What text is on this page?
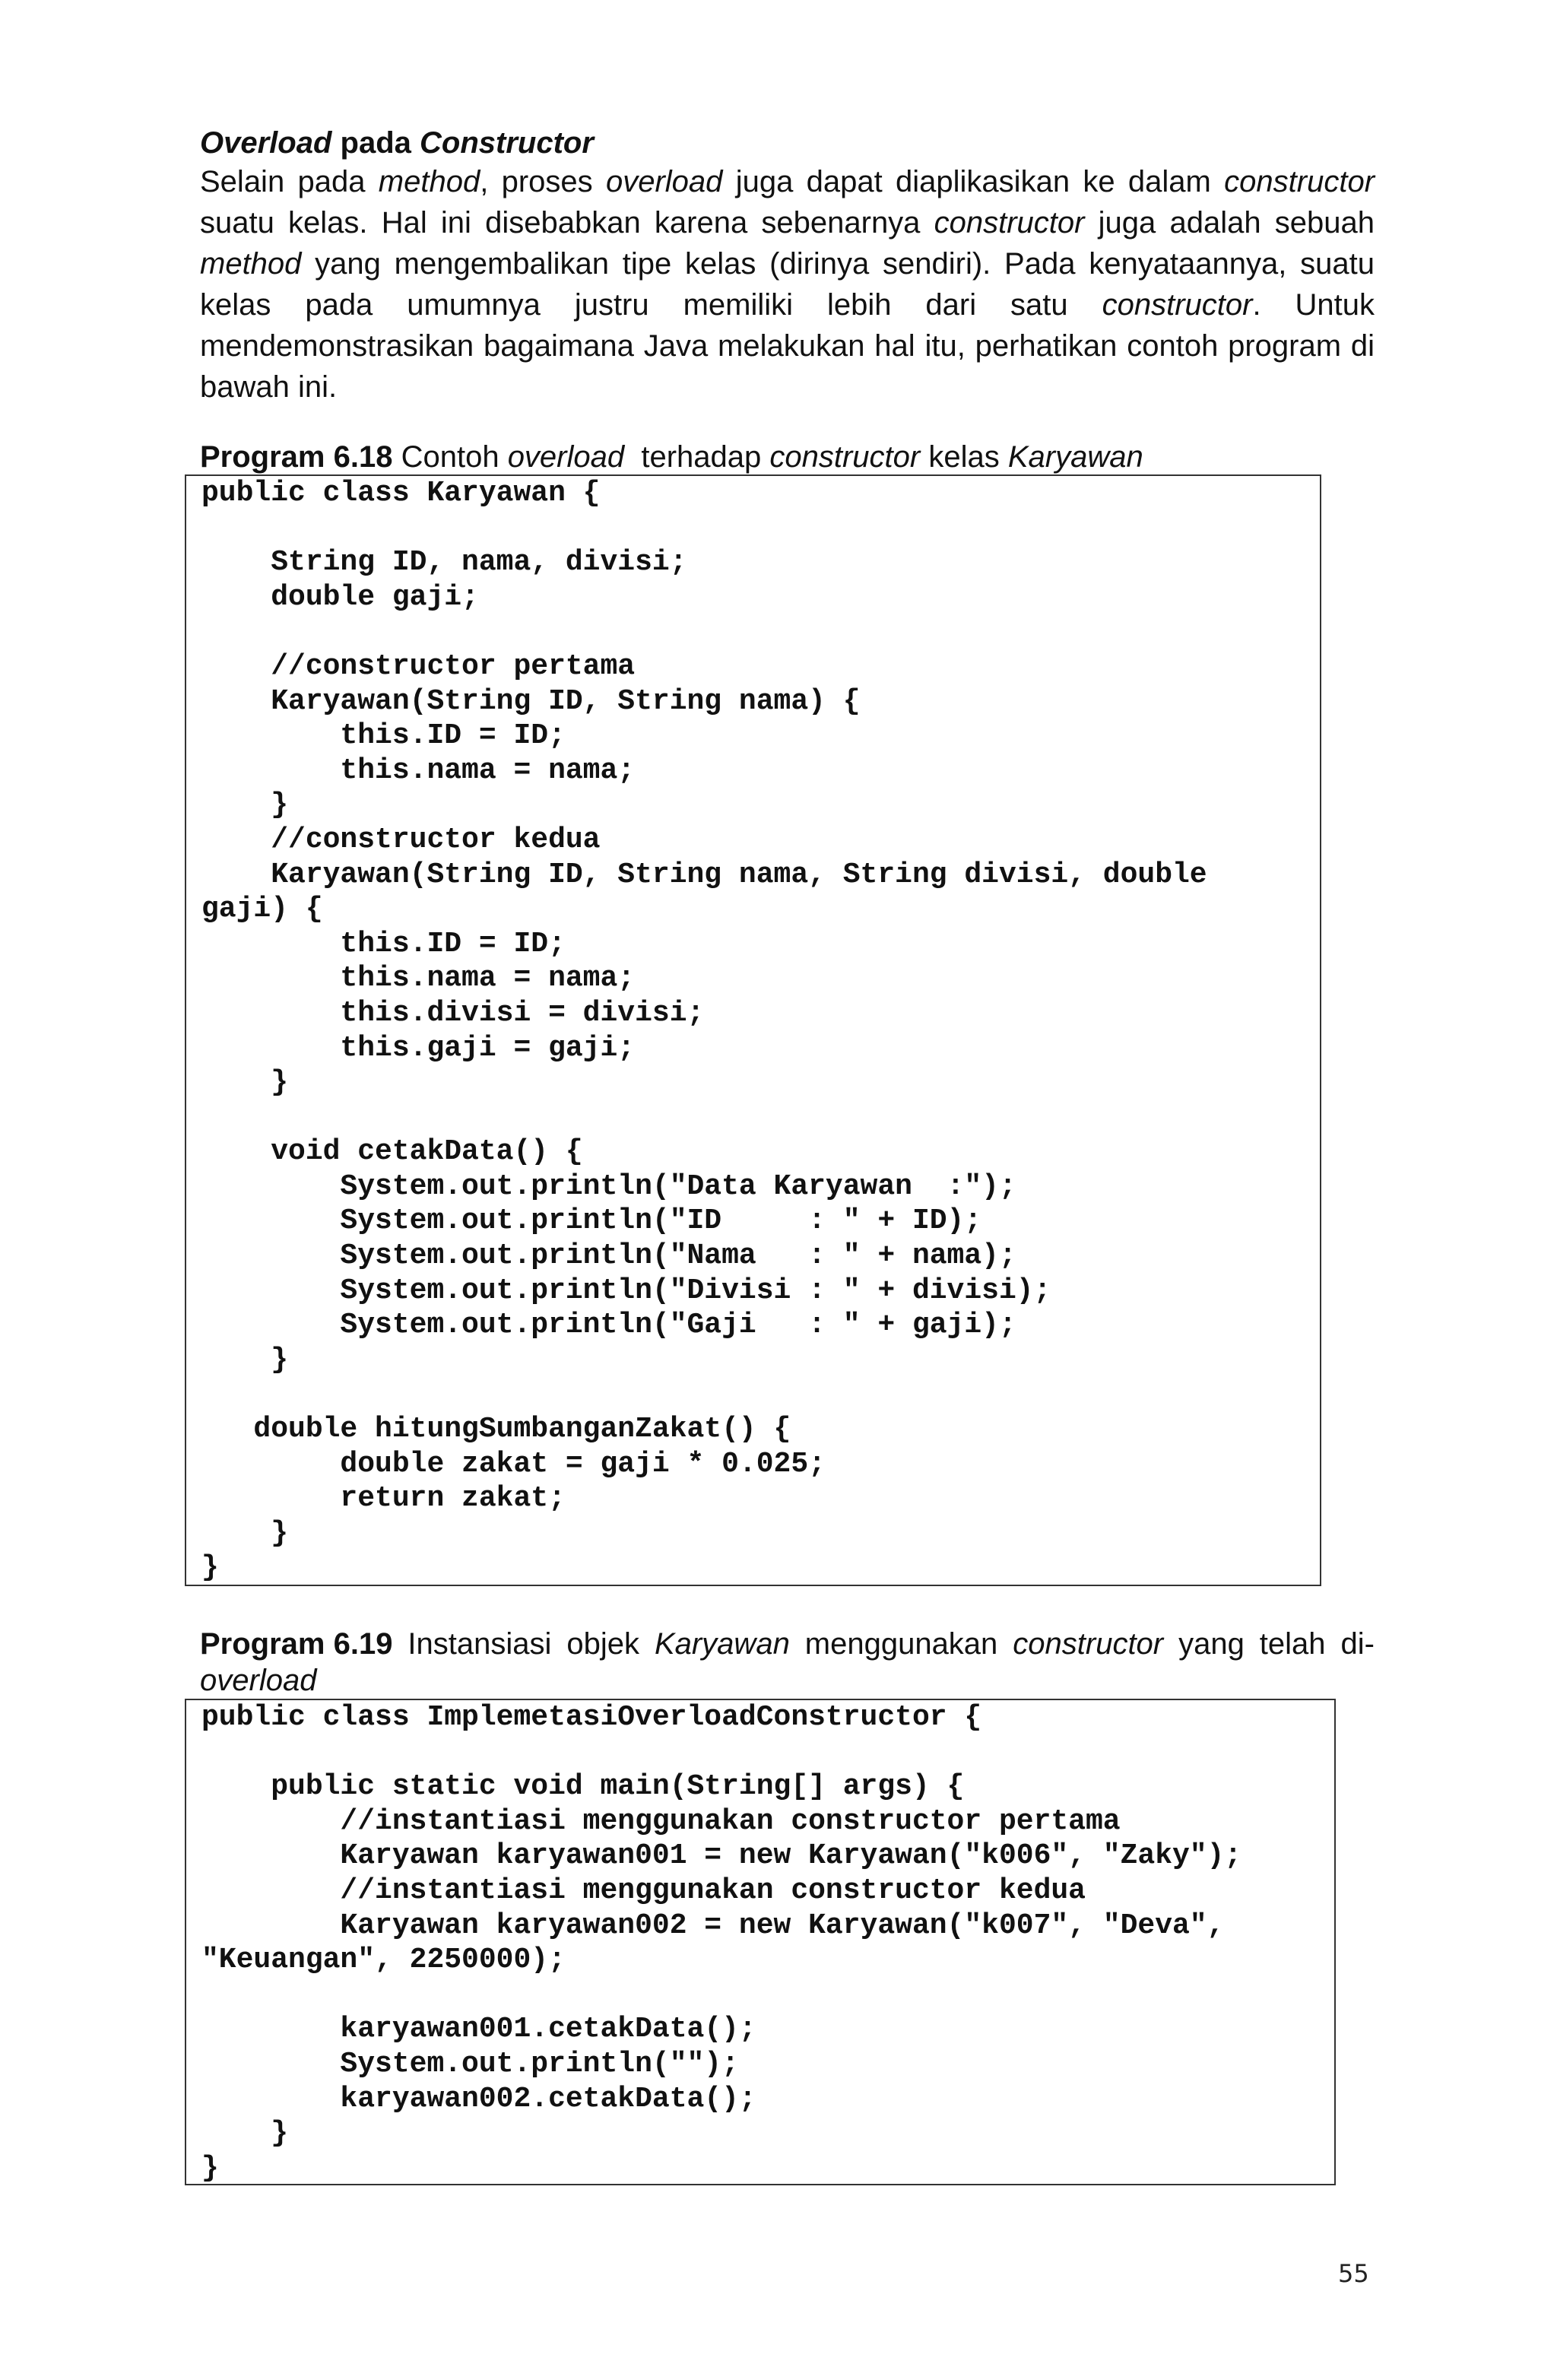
Overload pada Constructor
Selain pada method, proses overload juga dapat diaplikasikan ke dalam constructor suatu kelas. Hal ini disebabkan karena sebenarnya constructor juga adalah sebuah method yang mengembalikan tipe kelas (dirinya sendiri). Pada kenyataannya, suatu kelas pada umumnya justru memiliki lebih dari satu constructor. Untuk mendemonstrasikan bagaimana Java melakukan hal itu, perhatikan contoh program di bawah ini.
Program 6.18 Contoh overload  terhadap constructor kelas Karyawan
public class Karyawan {

String ID, nama, divisi;
double gaji;

//constructor pertama
Karyawan(String ID, String nama) {
this.ID = ID;
this.nama = nama;
}
//constructor kedua
Karyawan(String ID, String nama, String divisi, double
gaji) {
this.ID = ID;
this.nama = nama;
this.divisi = divisi;
this.gaji = gaji;
}

void cetakData() {
System.out.println("Data Karyawan  :");
System.out.println("ID     : " + ID);
System.out.println("Nama   : " + nama);
System.out.println("Divisi : " + divisi);
System.out.println("Gaji   : " + gaji);
}

double hitungSumbanganZakat() {
double zakat = gaji * 0.025;
return zakat;
}
}
Program 6.19 Instansiasi objek Karyawan menggunakan constructor yang telah di-
overload
public class ImplemetasiOverloadConstructor {

public static void main(String[] args) {
//instantiasi menggunakan constructor pertama
Karyawan karyawan001 = new Karyawan("k006", "Zaky");
//instantiasi menggunakan constructor kedua
Karyawan karyawan002 = new Karyawan("k007", "Deva",
"Keuangan", 2250000);

karyawan001.cetakData();
System.out.println("");
karyawan002.cetakData();
}
}
55
